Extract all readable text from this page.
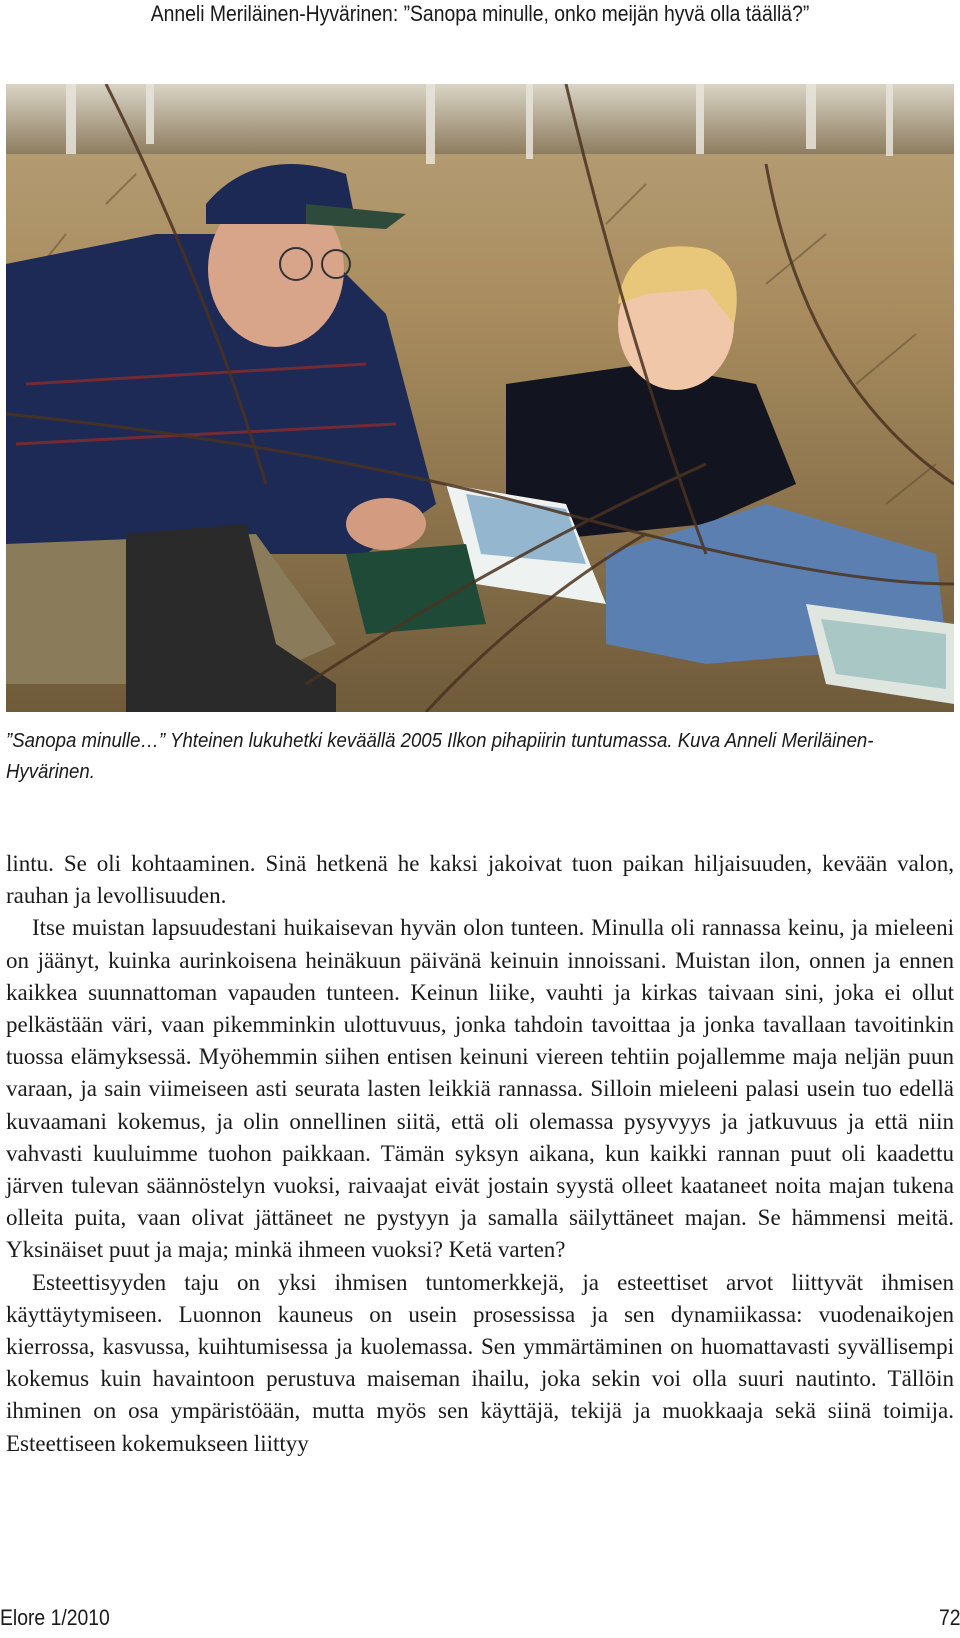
Anneli Meriläinen-Hyvärinen: ”Sanopa minulle, onko meijän hyvä olla täällä?”
”Sanopa minulle…” Yhteinen lukuhetki keväällä 2005 Ilkon pihapiirin tuntumassa. Kuva Anneli Meriläinen-Hyvärinen.

lintu. Se oli kohtaaminen. Sinä hetkenä he kaksi jakoivat tuon paikan hiljaisuuden, kevään valon, rauhan ja levollisuuden.

Itse muistan lapsuudestani huikaisevan hyvän olon tunteen. Minulla oli rannassa keinu, ja mieleeni on jäänyt, kuinka aurinkoisena heinäkuun päivänä keinuin innoissani. Muistan ilon, onnen ja ennen kaikkea suunnattoman vapauden tunteen. Keinun liike, vauhti ja kirkas taivaan sini, joka ei ollut pelkästään väri, vaan pikemminkin ulottuvuus, jonka tahdoin tavoittaa ja jonka tavallaan tavoitinkin tuossa elämyksessä. Myöhemmin siihen entisen keinuni viereen tehtiin pojallemme maja neljän puun varaan, ja sain viimeiseen asti seurata lasten leikkiä rannassa. Silloin mieleeni palasi usein tuo edellä kuvaamani kokemus, ja olin onnellinen siitä, että oli olemassa pysyvyys ja jatkuvuus ja että niin vahvasti kuuluimme tuohon paikkaan. Tämän syksyn aikana, kun kaikki rannan puut oli kaadettu järven tulevan säännöstelyn vuoksi, raivaajat eivät jostain syystä olleet kaataneet noita majan tukena olleita puita, vaan olivat jättäneet ne pystyyn ja samalla säilyttäneet majan. Se hämmensi meitä. Yksinäiset puut ja maja; minkä ihmeen vuoksi? Ketä varten?

Esteettisyyden taju on yksi ihmisen tuntomerkkejä, ja esteettiset arvot liittyvät ihmisen käyttäytymiseen. Luonnon kauneus on usein prosessissa ja sen dynamiikassa: vuodenaikojen kierrossa, kasvussa, kuihtumisessa ja kuolemassa. Sen ymmärtäminen on huomattavasti syvällisempi kokemus kuin havaintoon perustuva maiseman ihailu, joka sekin voi olla suuri nautinto. Tällöin ihminen on osa ympäristöään, mutta myös sen käyttäjä, tekijä ja muokkaaja sekä siinä toimija. Esteettiseen kokemukseen liittyy

Elore 1/2010	72
